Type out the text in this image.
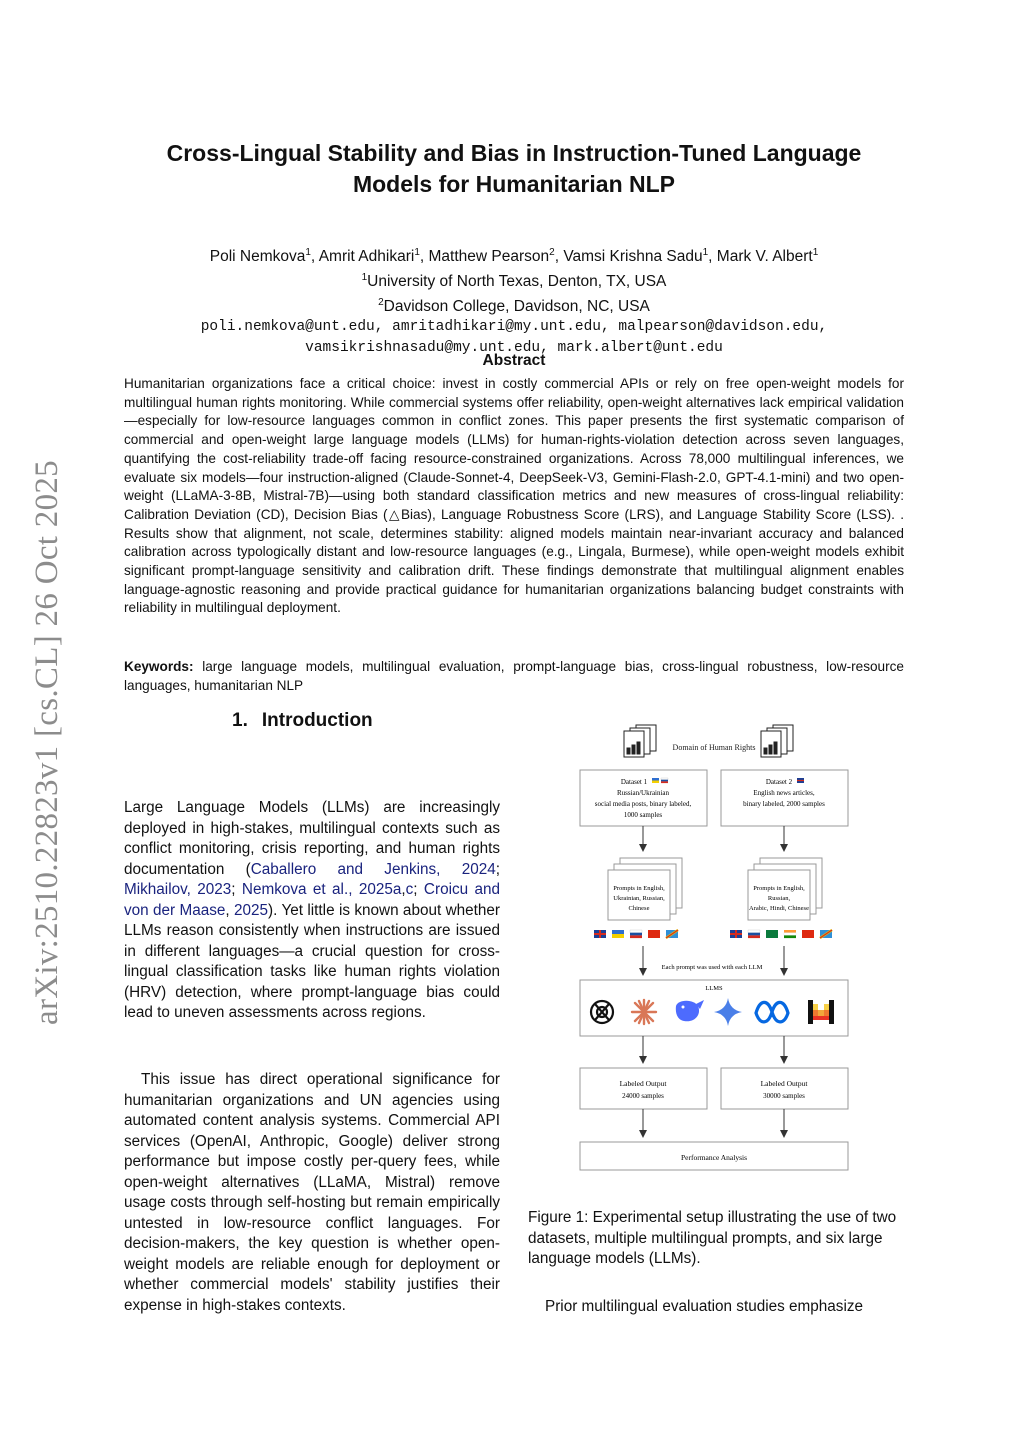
arXiv:2510.22823v1 [cs.CL] 26 Oct 2025
Cross-Lingual Stability and Bias in Instruction-Tuned Language Models for Humanitarian NLP
Poli Nemkova$^1$, Amrit Adhikari$^1$, Matthew Pearson$^2$, Vamsi Krishna Sadu$^1$, Mark V. Albert$^1$
$^1$University of North Texas, Denton, TX, USA
$^2$Davidson College, Davidson, NC, USA
poli.nemkova@unt.edu, amritadhikari@my.unt.edu, malpearson@davidson.edu,
vamsikrishnasadu@my.unt.edu, mark.albert@unt.edu
Abstract
Humanitarian organizations face a critical choice: invest in costly commercial APIs or rely on free open-weight models for multilingual human rights monitoring. While commercial systems offer reliability, open-weight alternatives lack empirical validation—especially for low-resource languages common in conflict zones. This paper presents the first systematic comparison of commercial and open-weight large language models (LLMs) for human-rights-violation detection across seven languages, quantifying the cost-reliability trade-off facing resource-constrained organizations. Across 78,000 multilingual inferences, we evaluate six models—four instruction-aligned (Claude-Sonnet-4, DeepSeek-V3, Gemini-Flash-2.0, GPT-4.1-mini) and two open-weight (LLaMA-3-8B, Mistral-7B)—using both standard classification metrics and new measures of cross-lingual reliability: Calibration Deviation (CD), Decision Bias (△Bias), Language Robustness Score (LRS), and Language Stability Score (LSS). . Results show that alignment, not scale, determines stability: aligned models maintain near-invariant accuracy and balanced calibration across typologically distant and low-resource languages (e.g., Lingala, Burmese), while open-weight models exhibit significant prompt-language sensitivity and calibration drift. These findings demonstrate that multilingual alignment enables language-agnostic reasoning and provide practical guidance for humanitarian organizations balancing budget constraints with reliability in multilingual deployment.
Keywords: large language models, multilingual evaluation, prompt-language bias, cross-lingual robustness, low-resource languages, humanitarian NLP
1. Introduction
Large Language Models (LLMs) are increasingly deployed in high-stakes, multilingual contexts such as conflict monitoring, crisis reporting, and human rights documentation (Caballero and Jenkins, 2024; Mikhailov, 2023; Nemkova et al., 2025a,c; Croicu and von der Maase, 2025). Yet little is known about whether LLMs reason consistently when instructions are issued in different languages—a crucial question for cross-lingual classification tasks like human rights violation (HRV) detection, where prompt-language bias could lead to uneven assessments across regions.
This issue has direct operational significance for humanitarian organizations and UN agencies using automated content analysis systems. Commercial API services (OpenAI, Anthropic, Google) deliver strong performance but impose costly per-query fees, while open-weight alternatives (LLaMA, Mistral) remove usage costs through self-hosting but remain empirically untested in low-resource conflict languages. For decision-makers, the key question is whether open-weight models are reliable enough for deployment or whether commercial models' stability justifies their expense in high-stakes contexts.
Domain of Human Rights
Dataset 1
Russian/Ukrainian
social media posts, binary labeled,
1000 samples
Dataset 2
English news articles,
binary labeled, 2000 samples
Prompts in English,
Ukrainian, Russian,
Chinese
Prompts in English,
Russian,
Arabic, Hindi, Chinese
Each prompt was used with each LLM
LLMS
Labeled Output
24000 samples
Labeled Output
30000 samples
Performance Analysis
Figure 1: Experimental setup illustrating the use of two datasets, multiple multilingual prompts, and six large language models (LLMs).
Prior multilingual evaluation studies emphasize
